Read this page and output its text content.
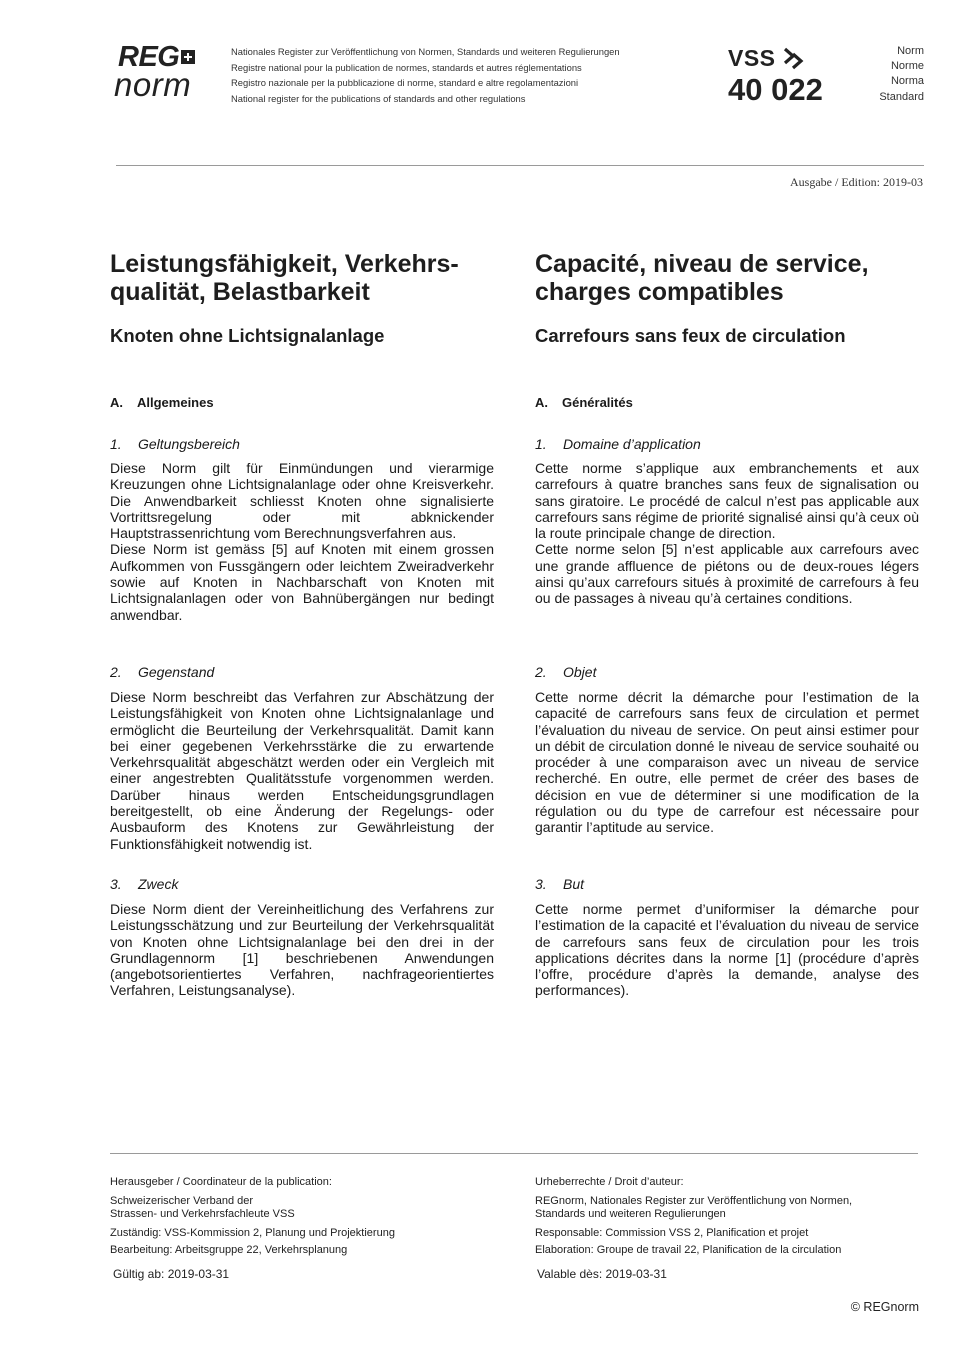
REG
norm
Nationales Register zur Veröffentlichung von Normen, Standards und weiteren Regulierungen
Registre national pour la publication de normes, standards et autres réglementations
Registro nazionale per la pubblicazione di norme, standard e altre regolamentazioni
National register for the publications of standards and other regulations
VSS
40 022
Norm
Norme
Norma
Standard
Ausgabe / Edition: 2019-03
Leistungsfähigkeit, Verkehrs-
qualität, Belastbarkeit
Knoten ohne Lichtsignalanlage
A. Allgemeines
1. Geltungsbereich

Diese Norm gilt für Einmündungen und vierarmige Kreuzungen ohne Lichtsignalanlage oder ohne Kreisverkehr. Die Anwendbarkeit schliesst Knoten ohne signalisierte Vortrittsregelung oder mit abknickender Hauptstrassenrichtung vom Berechnungsverfahren aus.

Diese Norm ist gemäss [5] auf Knoten mit einem grossen Aufkommen von Fussgängern oder leichtem Zweiradverkehr sowie auf Knoten in Nachbarschaft von Knoten mit Lichtsignalanlagen oder von Bahnübergängen nur bedingt anwendbar.

2. Gegenstand

Diese Norm beschreibt das Verfahren zur Abschätzung der Leistungsfähigkeit von Knoten ohne Lichtsignalanlage und ermöglicht die Beurteilung der Verkehrsqualität. Damit kann bei einer gegebenen Verkehrsstärke die zu erwartende Verkehrsqualität abgeschätzt werden oder ein Vergleich mit einer angestrebten Qualitätsstufe vorgenommen werden. Darüber hinaus werden Entscheidungsgrundlagen bereitgestellt, ob eine Änderung der Regelungs- oder Ausbauform des Knotens zur Gewährleistung der Funktionsfähigkeit notwendig ist.

3. Zweck

Diese Norm dient der Vereinheitlichung des Verfahrens zur Leistungsschätzung und zur Beurteilung der Verkehrsqualität von Knoten ohne Lichtsignalanlage bei den drei in der Grundlagennorm [1] beschriebenen Anwendungen (angebotsorientiertes Verfahren, nachfrageorientiertes Verfahren, Leistungsanalyse).

Capacité, niveau de service,
charges compatibles
Carrefours sans feux de circulation
A. Généralités
1. Domaine d’application

Cette norme s’applique aux embranchements et aux carrefours à quatre branches sans feux de signalisation ou sans giratoire. Le procédé de calcul n’est pas applicable aux carrefours sans régime de priorité signalisé ainsi qu’à ceux où la route principale change de direction.

Cette norme selon [5] n’est applicable aux carrefours avec une grande affluence de piétons ou de deux-roues légers ainsi qu’aux carrefours situés à proximité de carrefours à feu ou de passages à niveau qu’à certaines conditions.

2. Objet

Cette norme décrit la démarche pour l’estimation de la capacité de carrefours sans feux de circulation et permet l’évaluation du niveau de service. On peut ainsi estimer pour un débit de circulation donné le niveau de service souhaité ou procéder à une comparaison avec un niveau de service recherché. En outre, elle permet de créer des bases de décision en vue de déterminer si une modification de la régulation ou du type de carrefour est nécessaire pour garantir l’aptitude au service.

3. But

Cette norme permet d’uniformiser la démarche pour l’estimation de la capacité et l’évaluation du niveau de service de carrefours sans feux de circulation pour les trois applications décrites dans la norme [1] (procédure d’après l’offre, procédure d’après la demande, analyse des performances).

Herausgeber / Coordinateur de la publication:

Schweizerischer Verband der

Strassen- und Verkehrsfachleute VSS

Zuständig: VSS-Kommission 2, Planung und Projektierung

Bearbeitung: Arbeitsgruppe 22, Verkehrsplanung

Gültig ab: 2019-03-31

Urheberrechte / Droit d’auteur:

REGnorm, Nationales Register zur Veröffentlichung von Normen,

Standards und weiteren Regulierungen

Responsable: Commission VSS 2, Planification et projet

Elaboration: Groupe de travail 22, Planification de la circulation

Valable dès: 2019-03-31
© REGnorm
